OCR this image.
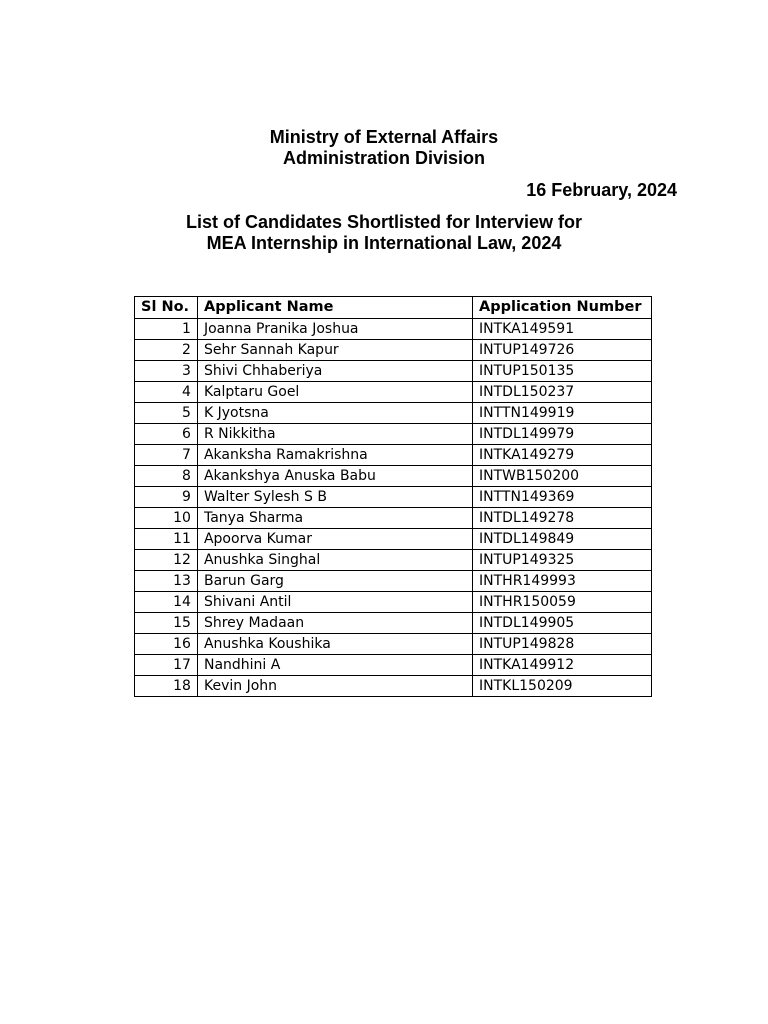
Ministry of External Affairs
Administration Division
16 February, 2024
List of Candidates Shortlisted for Interview for
MEA Internship in International Law, 2024
Sl No.	Applicant Name	Application Number
1	Joanna Pranika Joshua	INTKA149591
2	Sehr Sannah Kapur	INTUP149726
3	Shivi Chhaberiya	INTUP150135
4	Kalptaru Goel	INTDL150237
5	K Jyotsna	INTTN149919
6	R Nikkitha	INTDL149979
7	Akanksha Ramakrishna	INTKA149279
8	Akankshya Anuska Babu	INTWB150200
9	Walter Sylesh S B	INTTN149369
10	Tanya Sharma	INTDL149278
11	Apoorva Kumar	INTDL149849
12	Anushka Singhal	INTUP149325
13	Barun Garg	INTHR149993
14	Shivani Antil	INTHR150059
15	Shrey Madaan	INTDL149905
16	Anushka Koushika	INTUP149828
17	Nandhini A	INTKA149912
18	Kevin John	INTKL150209
